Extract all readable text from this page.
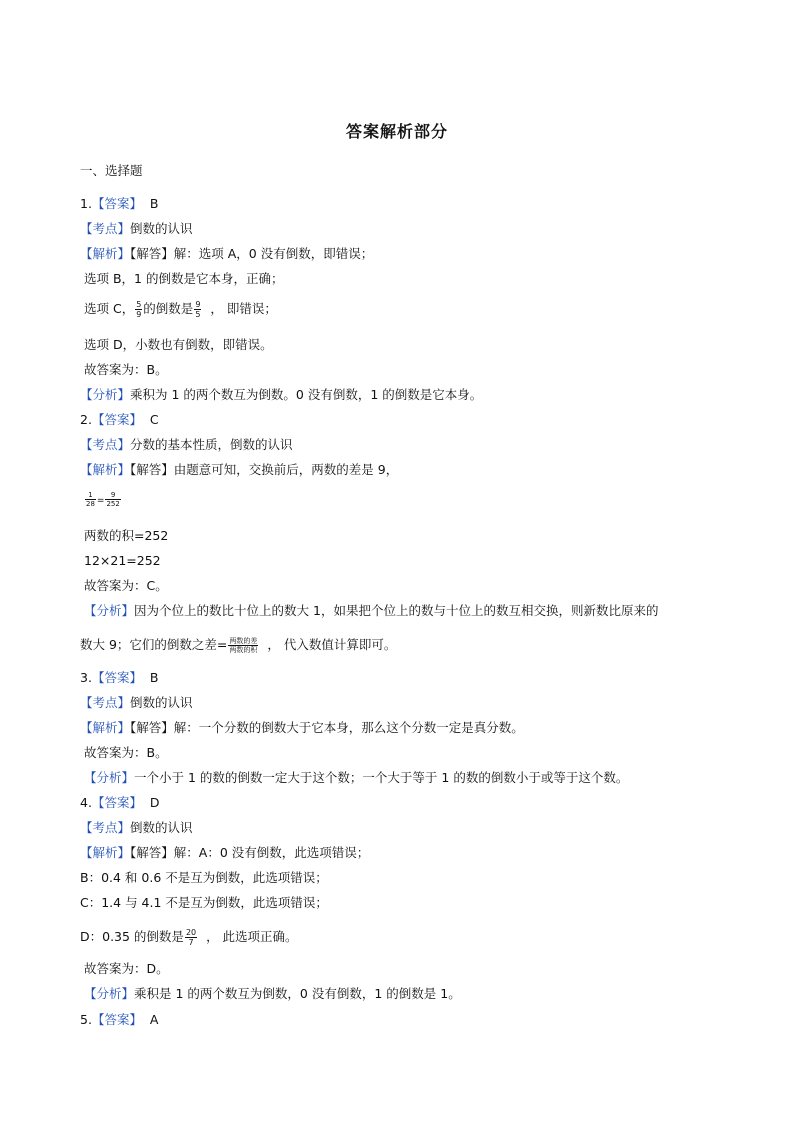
答案解析部分
一、选择题
1.【答案】 B
【考点】倒数的认识
【解析】【解答】解：选项 A，0 没有倒数，即错误；
选项 B，1 的倒数是它本身，正确；
选项 C， $\frac{5}{9}$ 的倒数是 $\frac{9}{5}$ ， 即错误；
选项 D，小数也有倒数，即错误。
故答案为：B。
【分析】乘积为 1 的两个数互为倒数。0 没有倒数，1 的倒数是它本身。
2.【答案】 C
【考点】分数的基本性质，倒数的认识
【解析】【解答】由题意可知，交换前后，两数的差是 9，
$\frac{1}{28} = \frac{9}{252}$
两数的积=252
12×21=252
故答案为：C。
【分析】因为个位上的数比十位上的数大 1，如果把个位上的数与十位上的数互相交换，则新数比原来的
数大 9；它们的倒数之差= $\frac{\text{两数的差}}{\text{两数的积}}$ ， 代入数值计算即可。
3.【答案】 B
【考点】倒数的认识
【解析】【解答】解：一个分数的倒数大于它本身，那么这个分数一定是真分数。
故答案为：B。
【分析】一个小于 1 的数的倒数一定大于这个数；一个大于等于 1 的数的倒数小于或等于这个数。
4.【答案】 D
【考点】倒数的认识
【解析】【解答】解：A：0 没有倒数，此选项错误；
B：0.4 和 0.6 不是互为倒数，此选项错误；
C：1.4 与 4.1 不是互为倒数，此选项错误；
D：0.35 的倒数是 $\frac{20}{7}$ ， 此选项正确。
故答案为：D。
【分析】乘积是 1 的两个数互为倒数，0 没有倒数，1 的倒数是 1。
5.【答案】 A
